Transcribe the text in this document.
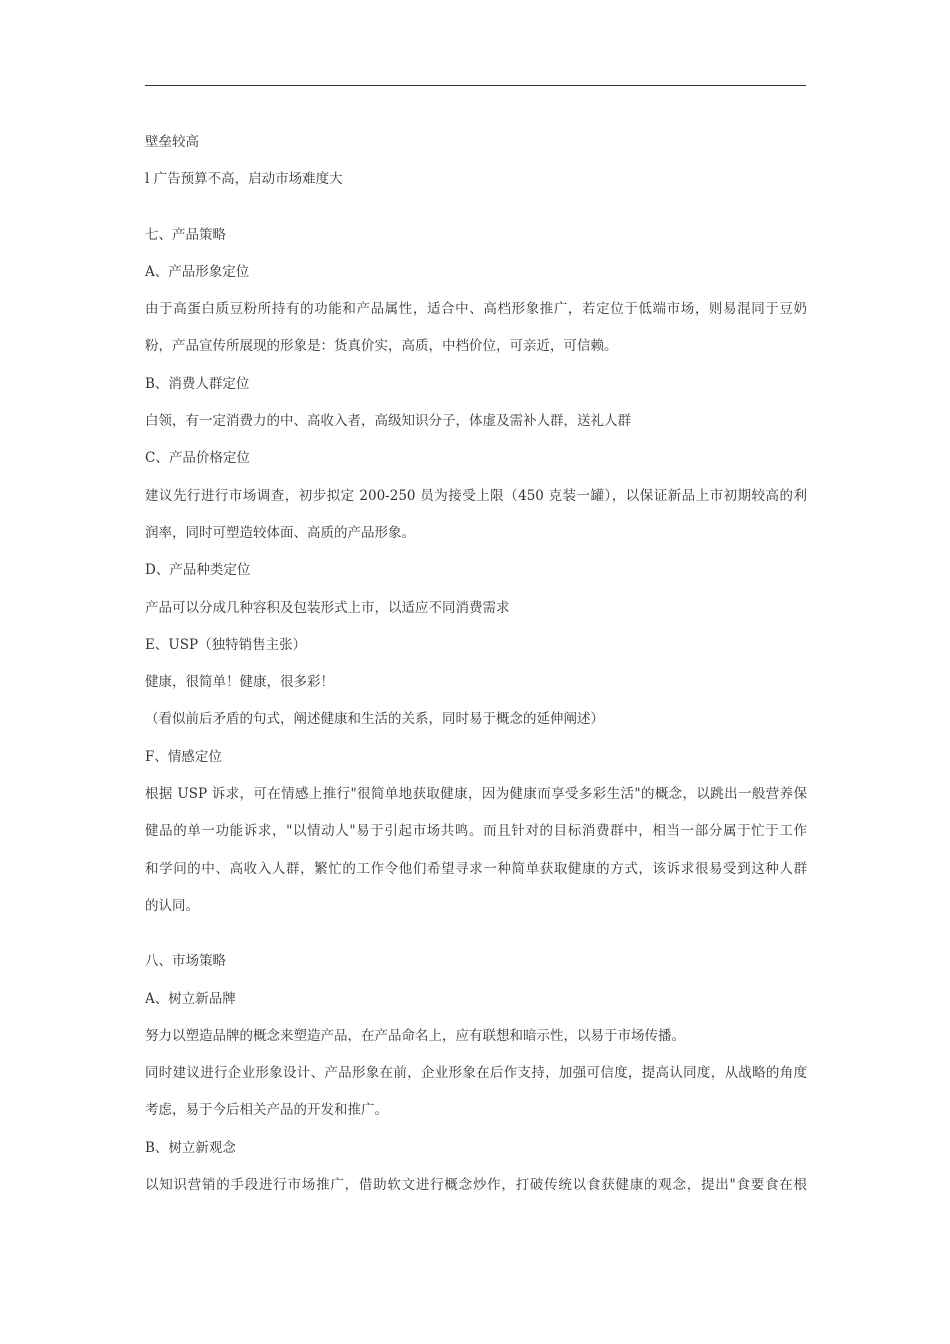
壁垒较高
l 广告预算不高，启动市场难度大
七、产品策略
A、产品形象定位
由于高蛋白质豆粉所持有的功能和产品属性，适合中、高档形象推广，若定位于低端市场，则易混同于豆奶
粉，产品宣传所展现的形象是：货真价实，高质，中档价位，可亲近，可信赖。
B、消费人群定位
白领，有一定消费力的中、高收入者，高级知识分子，体虚及需补人群，送礼人群
C、产品价格定位
建议先行进行市场调查，初步拟定 200-250 员为接受上限（450 克装一罐），以保证新品上市初期较高的利
润率，同时可塑造较体面、高质的产品形象。
D、产品种类定位
产品可以分成几种容积及包装形式上市，以适应不同消费需求
E、USP（独特销售主张）
健康，很简单！健康，很多彩！
（看似前后矛盾的句式，阐述健康和生活的关系，同时易于概念的延伸阐述）
F、情感定位
根据 USP 诉求，可在情感上推行"很简单地获取健康，因为健康而享受多彩生活"的概念，以跳出一般营养保
健品的单一功能诉求，"以情动人"易于引起市场共鸣。而且针对的目标消费群中，相当一部分属于忙于工作
和学问的中、高收入人群，繁忙的工作令他们希望寻求一种简单获取健康的方式，该诉求很易受到这种人群
的认同。
八、市场策略
A、树立新品牌
努力以塑造品牌的概念来塑造产品，在产品命名上，应有联想和暗示性，以易于市场传播。
同时建议进行企业形象设计、产品形象在前，企业形象在后作支持，加强可信度，提高认同度，从战略的角度
考虑，易于今后相关产品的开发和推广。
B、树立新观念
以知识营销的手段进行市场推广，借助软文进行概念炒作，打破传统以食获健康的观念，提出"食要食在根
